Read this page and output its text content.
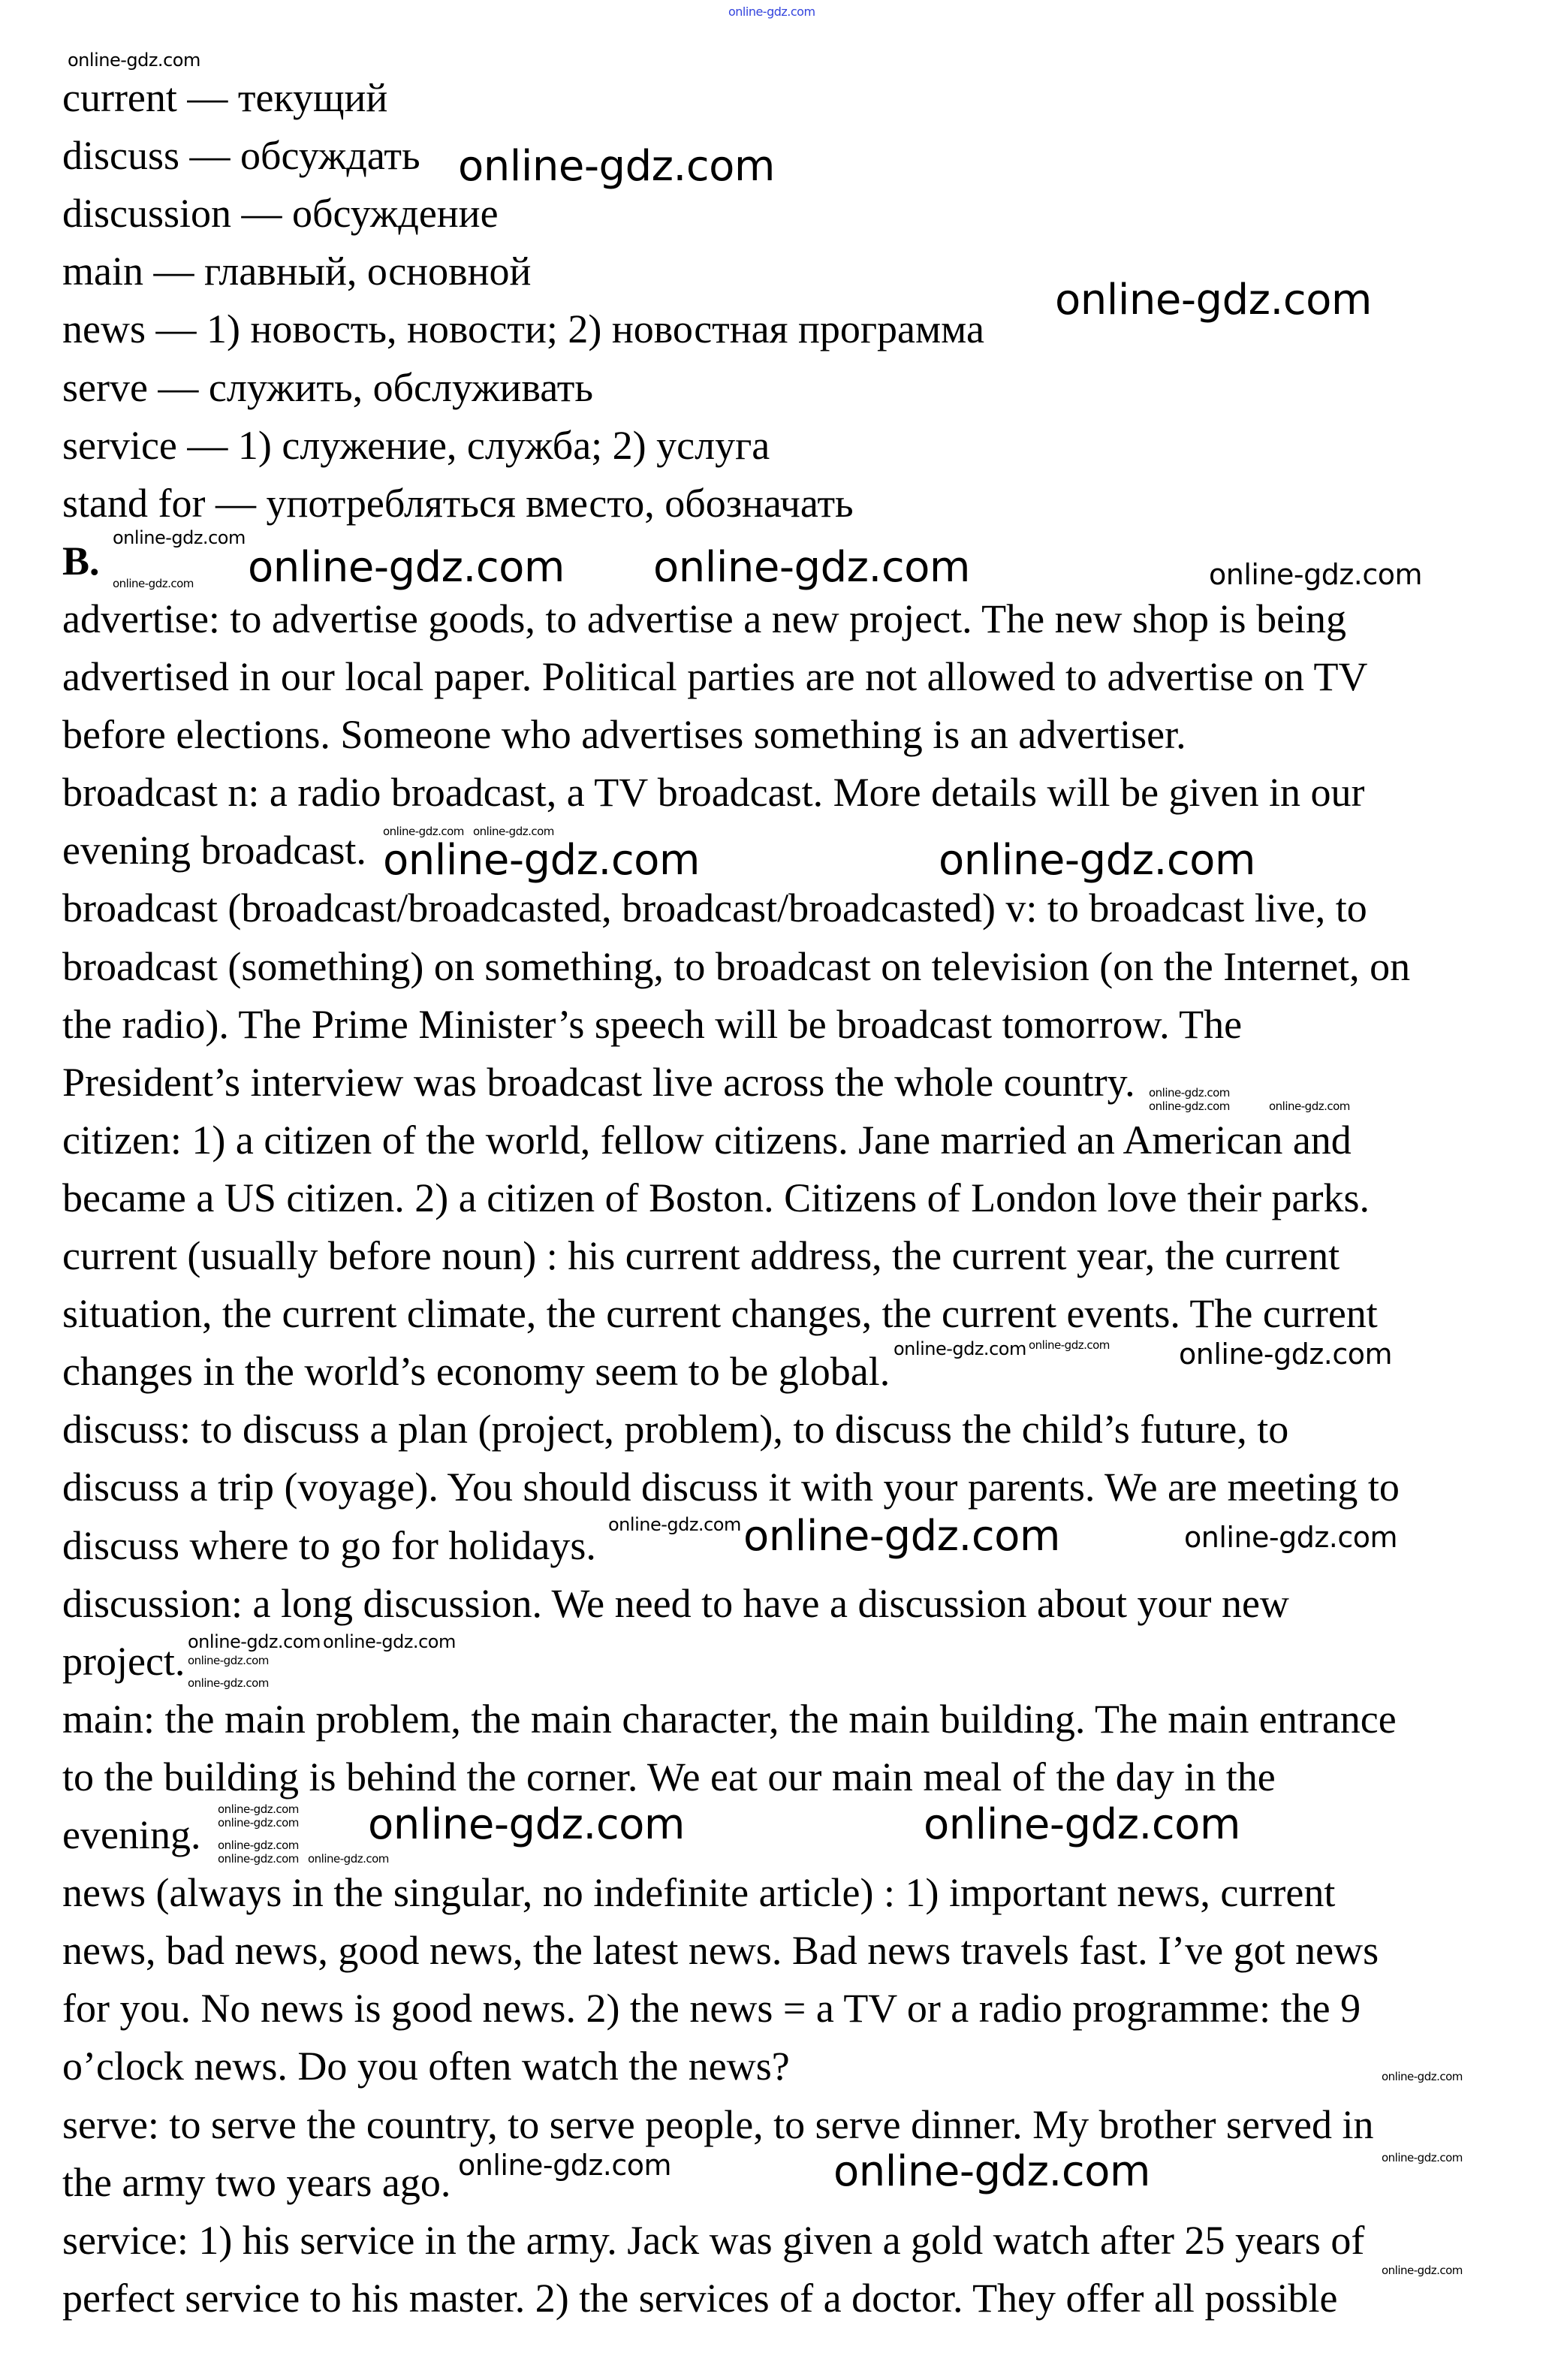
current — текущий
discuss — обсуждать
discussion — обсуждение
main — главный, основной
news — 1) новость, новости; 2) новостная программа
serve — служить, обслуживать
service — 1) служение, служба; 2) услуга
stand for — употребляться вместо, обозначать
B.
advertise: to advertise goods, to advertise a new project. The new shop is being
advertised in our local paper. Political parties are not allowed to advertise on TV
before elections. Someone who advertises something is an advertiser.
broadcast n: a radio broadcast, a TV broadcast. More details will be given in our
evening broadcast.
broadcast (broadcast/broadcasted, broadcast/broadcasted) v: to broadcast live, to
broadcast (something) on something, to broadcast on television (on the Internet, on
the radio). The Prime Minister’s speech will be broadcast tomorrow. The
President’s interview was broadcast live across the whole country.
citizen: 1) a citizen of the world, fellow citizens. Jane married an American and
became a US citizen. 2) a citizen of Boston. Citizens of London love their parks.
current (usually before noun) : his current address, the current year, the current
situation, the current climate, the current changes, the current events. The current
changes in the world’s economy seem to be global.
discuss: to discuss a plan (project, problem), to discuss the child’s future, to
discuss a trip (voyage). You should discuss it with your parents. We are meeting to
discuss where to go for holidays.
discussion: a long discussion. We need to have a discussion about your new
project.
main: the main problem, the main character, the main building. The main entrance
to the building is behind the corner. We eat our main meal of the day in the
evening.
news (always in the singular, no indefinite article) : 1) important news, current
news, bad news, good news, the latest news. Bad news travels fast. I’ve got news
for you. No news is good news. 2) the news = a TV or a radio programme: the 9
o’clock news. Do you often watch the news?
serve: to serve the country, to serve people, to serve dinner. My brother served in
the army two years ago.
service: 1) his service in the army. Jack was given a gold watch after 25 years of
perfect service to his master. 2) the services of a doctor. They offer all possible
online-gdz.com
online-gdz.com
online-gdz.com
online-gdz.com
online-gdz.com
online-gdz.com online-gdz.com	online-gdz.com
online-gdz.com	online-gdz.com
online-gdz.com
online-gdz.com
online-gdz.com
online-gdz.com
online-gdz.com
online-gdz.com
online-gdz.com
online-gdz.com
online-gdz.com
online-gdz.com online-gdz.com
online-gdz.com
online-gdz.com	online-gdz.com
online-gdz.com
online-gdz.com
online-gdz.com
online-gdz.com
online-gdz.com
online-gdz.com
online-gdz.com
online-gdz.com	online-gdz.com
online-gdz.com
online-gdz.com
online-gdz.com
online-gdz.com	online-gdz.com
